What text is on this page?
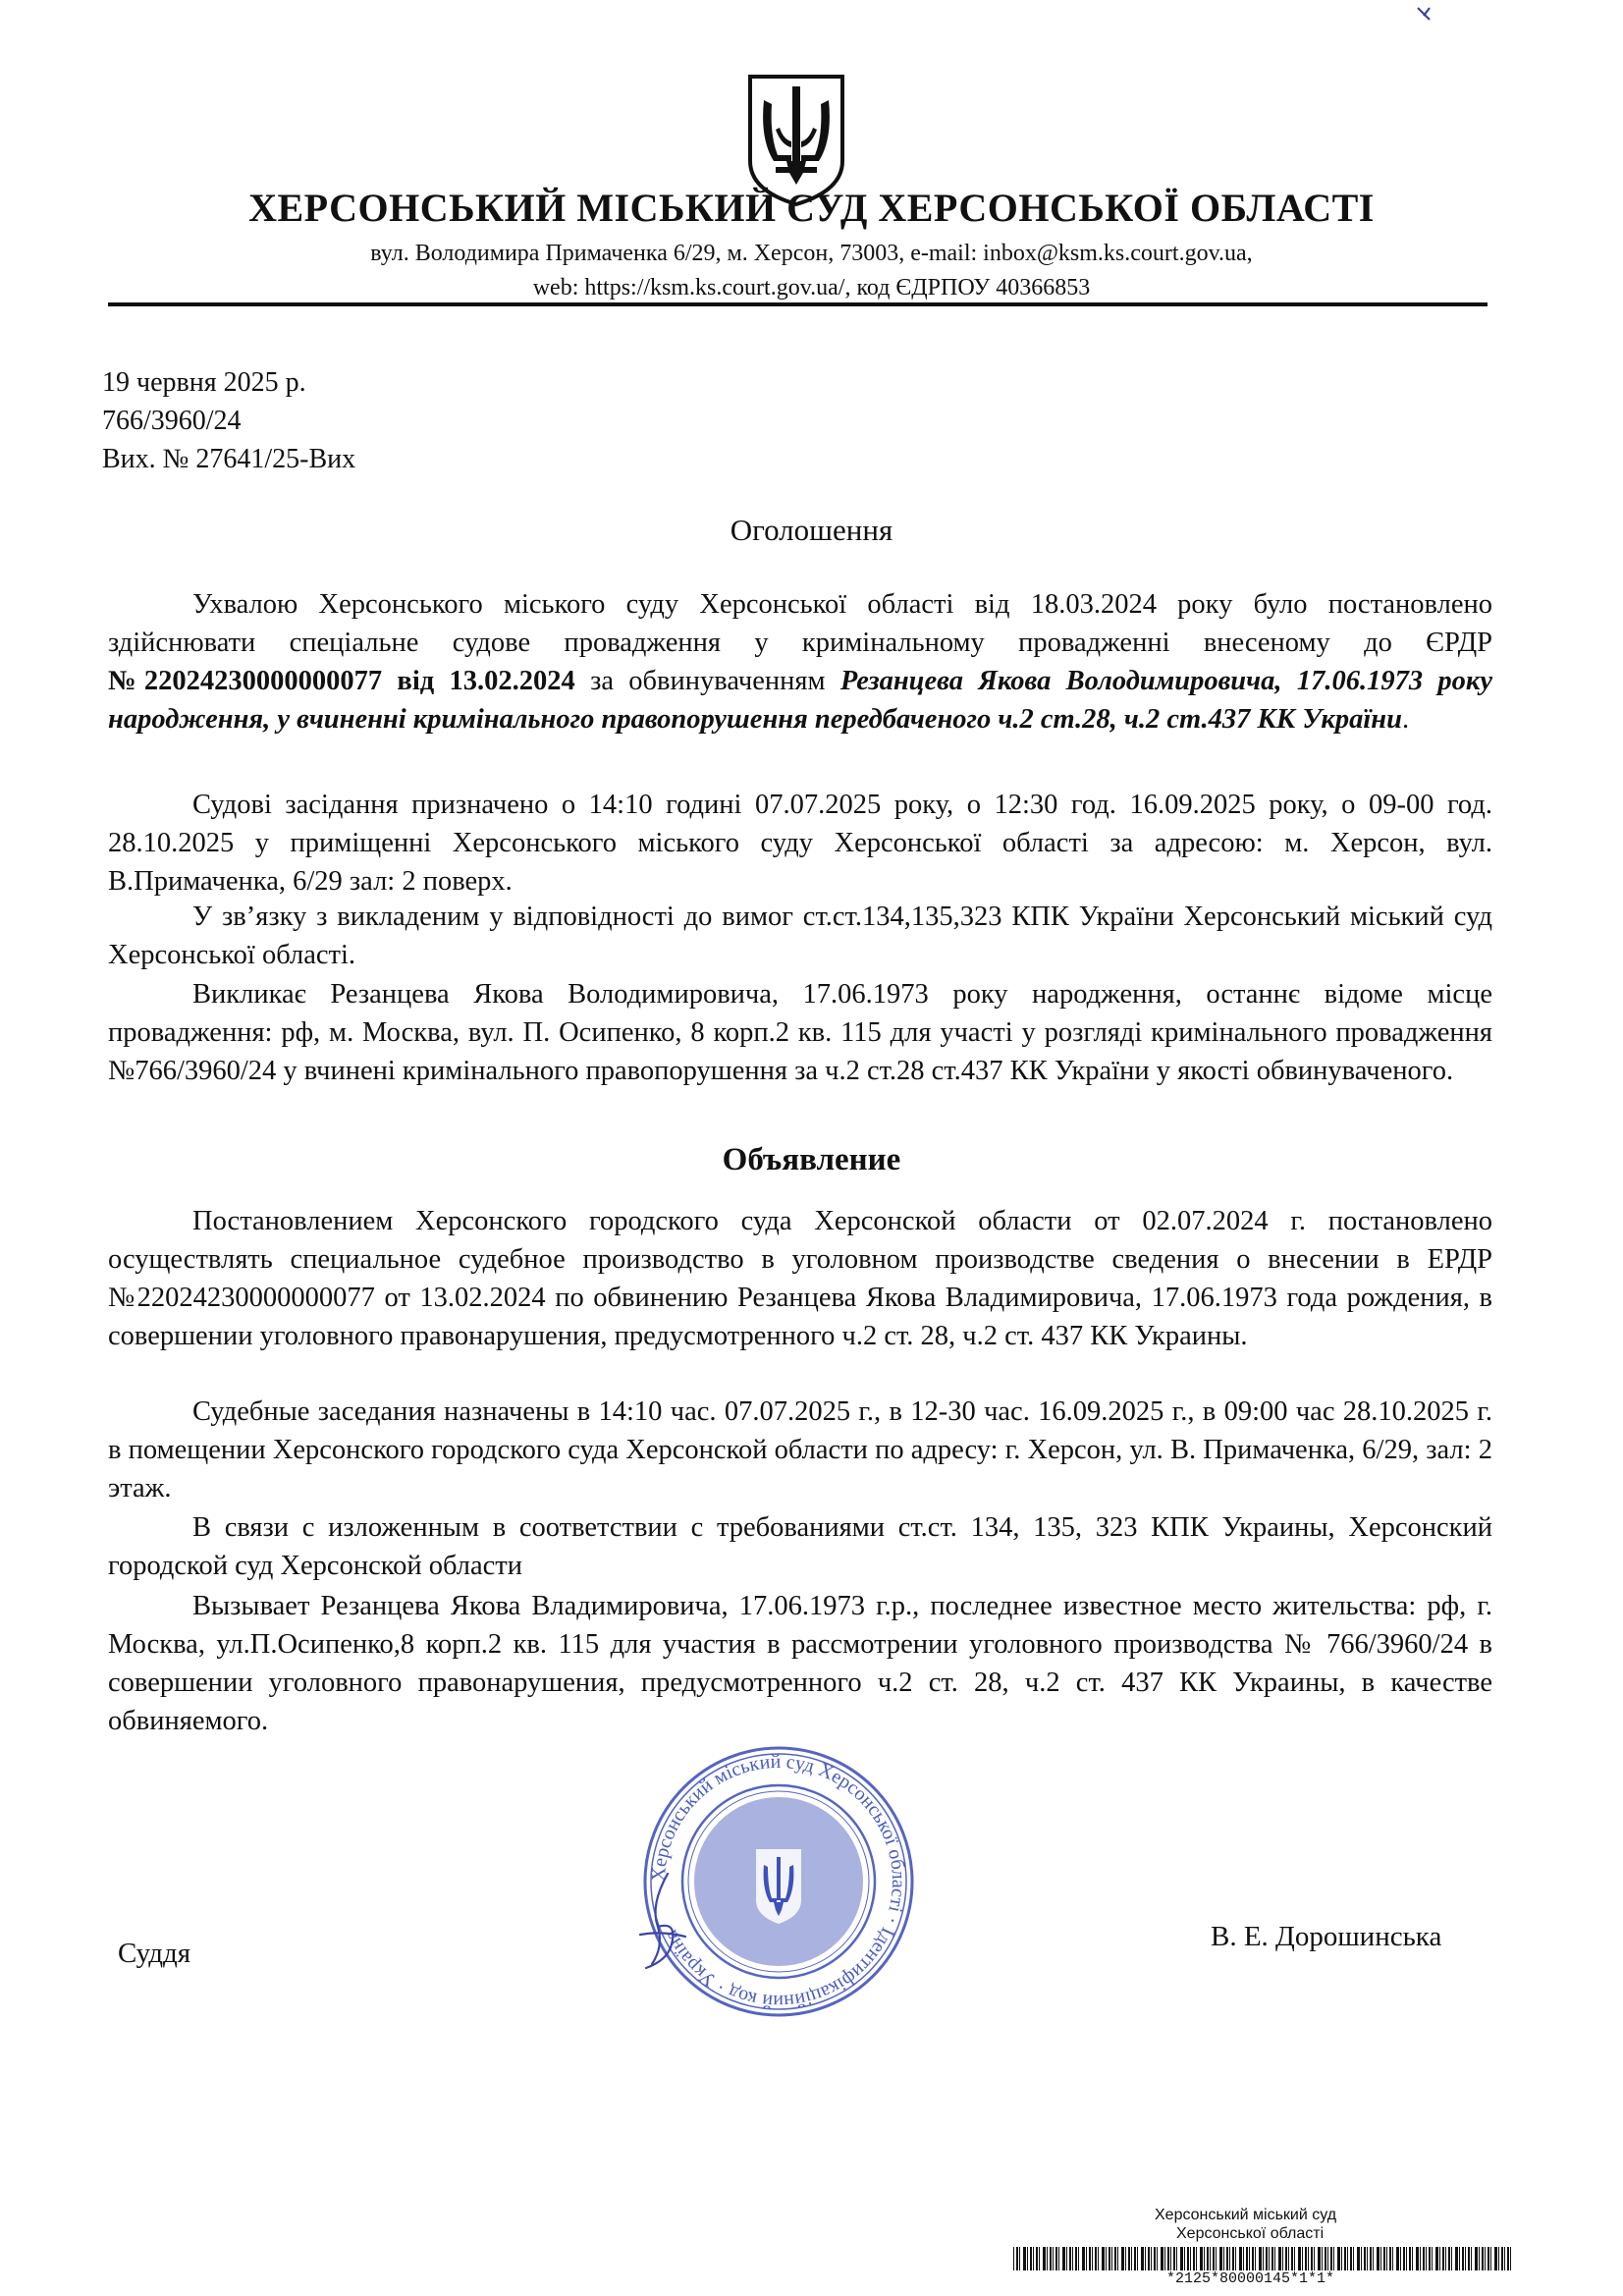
ХЕРСОНСЬКИЙ МІСЬКИЙ СУД ХЕРСОНСЬКОЇ ОБЛАСТІ
вул. Володимира Примаченка 6/29, м. Херсон, 73003, e-mail: inbox@ksm.ks.court.gov.ua,
web: https://ksm.ks.court.gov.ua/, код ЄДРПОУ 40366853
19 червня 2025 р.
766/3960/24
Вих. № 27641/25-Вих
Оголошення

Ухвалою Херсонського міського суду Херсонської області від 18.03.2024 року було постановлено здійснювати спеціальне судове провадження у кримінальному провадженні внесеному до ЄРДР №22024230000000077 від 13.02.2024 за обвинуваченням Резанцева Якова Володимировича, 17.06.1973 року народження, у вчиненні кримінального правопорушення передбаченого ч.2 ст.28, ч.2 ст.437 КК України.

Судові засідання призначено о 14:10 годині 07.07.2025 року, о 12:30 год. 16.09.2025 року, о 09-00 год. 28.10.2025 у приміщенні Херсонського міського суду Херсонської області за адресою: м. Херсон, вул. В.Примаченка, 6/29 зал: 2 поверх.

У зв’язку з викладеним у відповідності до вимог ст.ст.134,135,323 КПК України Херсонський міський суд Херсонської області.

Викликає Резанцева Якова Володимировича, 17.06.1973 року народження, останнє відоме місце провадження: рф, м. Москва, вул. П. Осипенко, 8 корп.2 кв. 115 для участі у розгляді кримінального провадження №766/3960/24 у вчинені кримінального правопорушення за ч.2 ст.28 ст.437 КК України у якості обвинуваченого.

Объявление

Постановлением Херсонского городского суда Херсонской области от 02.07.2024 г. постановлено осуществлять специальное судебное производство в уголовном производстве сведения о внесении в ЕРДР №22024230000000077 от 13.02.2024 по обвинению Резанцева Якова Владимировича, 17.06.1973 года рождения, в совершении уголовного правонарушения, предусмотренного ч.2 ст. 28, ч.2 ст. 437 КК Украины.

Судебные заседания назначены в 14:10 час. 07.07.2025 г., в 12-30 час. 16.09.2025 г., в 09:00 час 28.10.2025 г. в помещении Херсонского городского суда Херсонской области по адресу: г. Херсон, ул. В. Примаченка, 6/29, зал: 2 этаж.

В связи с изложенным в соответствии с требованиями ст.ст. 134, 135, 323 КПК Украины, Херсонский городской суд Херсонской области

Вызывает Резанцева Якова Владимировича, 17.06.1973 г.р., последнее известное место жительства: рф, г. Москва, ул.П.Осипенко,8 корп.2 кв. 115 для участия в рассмотрении уголовного производства № 766/3960/24 в совершении уголовного правонарушения, предусмотренного ч.2 ст. 28, ч.2 ст. 437 КК Украины, в качестве обвиняемого.

Херсонський міський суд Херсонської області · Ідентифікаційний код · Україна
Суддя
В. Е. Дорошинська
Херсонський міський суд
Херсонської області
*2125*80000145*1*1*
